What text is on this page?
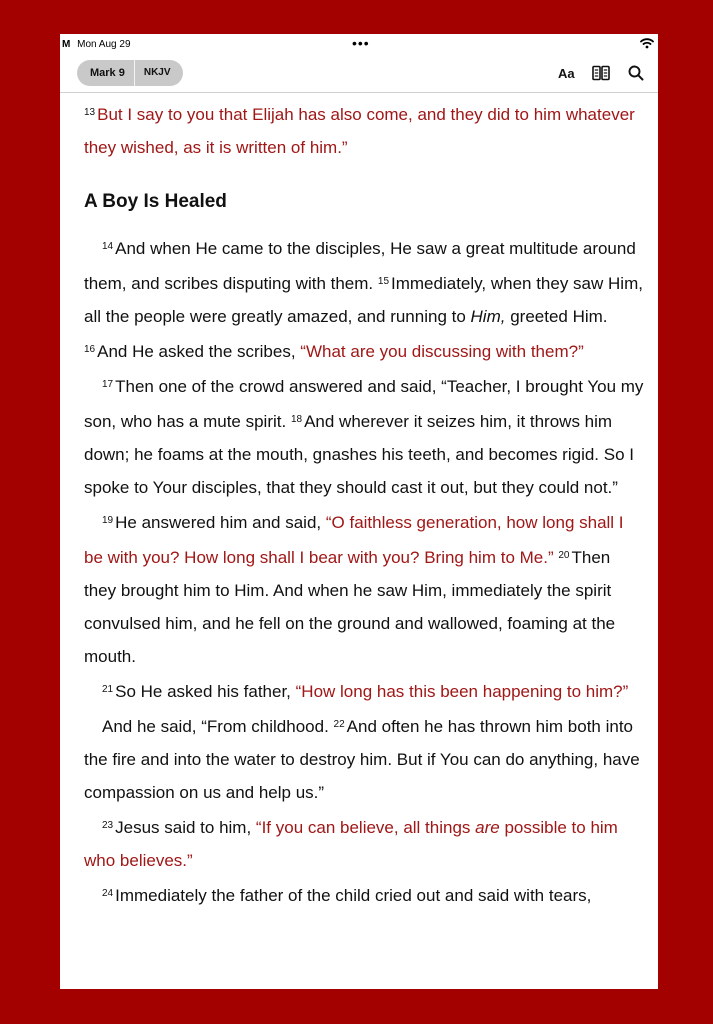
M Mon Aug 29	•••
Mark 9	NKJV	Aa

$^{13}$ But I say to you that Elijah has also come, and they did to him whatever they wished, as it is written of him.”

A Boy Is Healed

$^{14}$ And when He came to the disciples, He saw a great multitude around them, and scribes disputing with them. $^{15}$ Immediately, when they saw Him, all the people were greatly amazed, and running to Him, greeted Him. $^{16}$ And He asked the scribes, “What are you discussing with them?”

$^{17}$ Then one of the crowd answered and said, “Teacher, I brought You my son, who has a mute spirit. $^{18}$ And wherever it seizes him, it throws him down; he foams at the mouth, gnashes his teeth, and becomes rigid. So I spoke to Your disciples, that they should cast it out, but they could not.”

$^{19}$ He answered him and said, “O faithless generation, how long shall I be with you? How long shall I bear with you? Bring him to Me.” $^{20}$ Then they brought him to Him. And when he saw Him, immediately the spirit convulsed him, and he fell on the ground and wallowed, foaming at the mouth.

$^{21}$ So He asked his father, “How long has this been happening to him?”

And he said, “From childhood. $^{22}$ And often he has thrown him both into the fire and into the water to destroy him. But if You can do anything, have compassion on us and help us.”

$^{23}$ Jesus said to him, “If you can believe, all things are possible to him who believes.”

$^{24}$ Immediately the father of the child cried out and said with tears,
